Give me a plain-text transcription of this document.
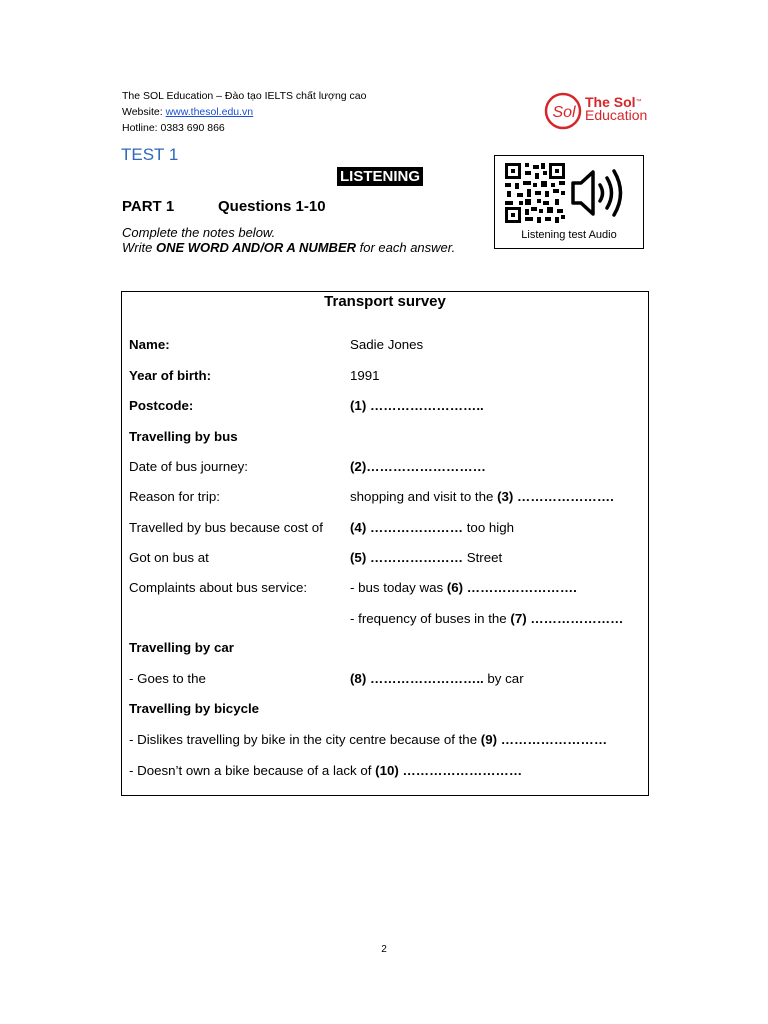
The SOL Education – Đào tạo IELTS chất lượng cao
Website: www.thesol.edu.vn
Hotline: 0383 690 866
Sol
The Sol™
Education
TEST 1
LISTENING
Listening test Audio
PART 1	Questions 1-10
Complete the notes below.
Write ONE WORD AND/OR A NUMBER for each answer.
Transport survey
Name:	Sadie Jones
Year of birth:	1991
Postcode:	(1) ……………………..
Travelling by bus
Date of bus journey:	(2)………………………
Reason for trip:	shopping and visit to the (3) ………………….
Travelled by bus because cost of (4) ………………… too high
Got on bus at	(5) ………………… Street
Complaints about bus service:	- bus today was (6) …………………….
- frequency of buses in the (7) …………………
Travelling by car
- Goes to the	(8) …………………….. by car
Travelling by bicycle
- Dislikes travelling by bike in the city centre because of the (9) ……………………
- Doesn’t own a bike because of a lack of (10) ………………………
2
